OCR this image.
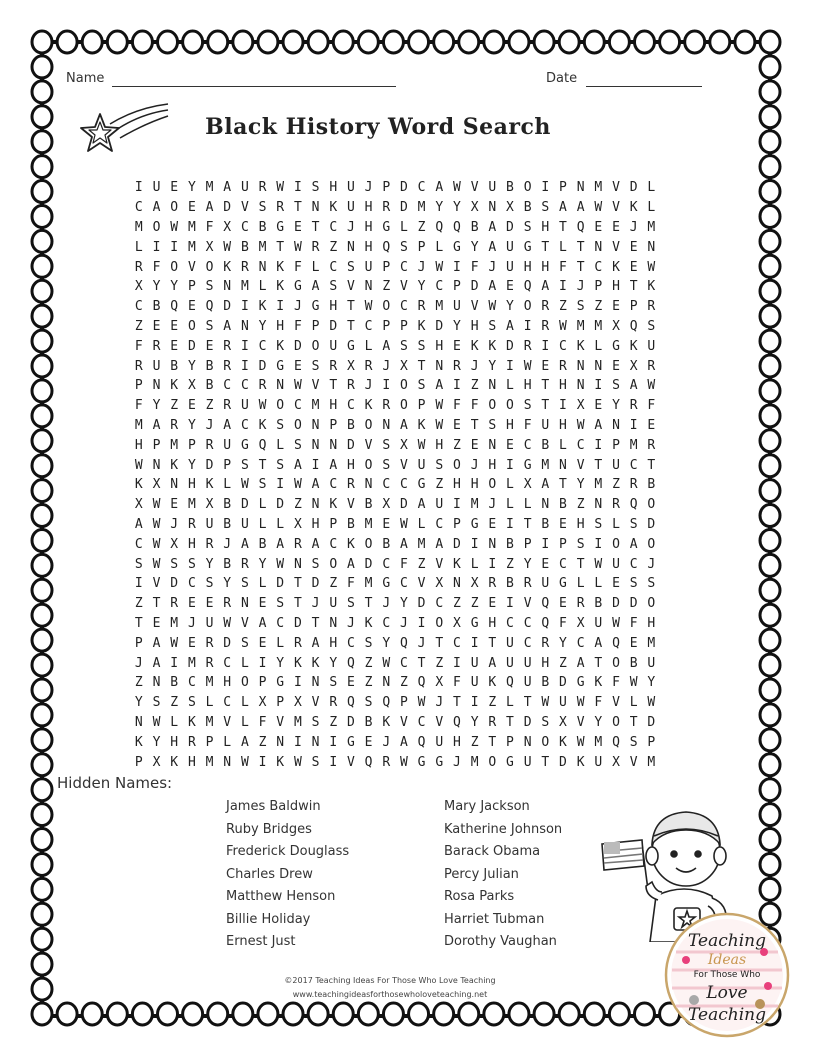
Name	Date
Black History Word Search
I U E Y M A U R W I S H U J P D C A W V U B O I P N M V D L
C A O E A D V S R T N K U H R D M Y Y X N X B S A A W V K L
M O W M F X C B G E T C J H G L Z Q Q B A D S H T Q E E J M
L I I M X W B M T W R Z N H Q S P L G Y A U G T L T N V E N
R F O V O K R N K F L C S U P C J W I F J U H H F T C K E W
X Y Y P S N M L K G A S V N Z V Y C P D A E Q A I J P H T K
C B Q E Q D I K I J G H T W O C R M U V W Y O R Z S Z E P R
Z E E O S A N Y H F P D T C P P K D Y H S A I R W M M X Q S
F R E D E R I C K D O U G L A S S H E K K D R I C K L G K U
R U B Y B R I D G E S R X R J X T N R J Y I W E R N N E X R
P N K X B C C R N W V T R J I O S A I Z N L H T H N I S A W
F Y Z E Z R U W O C M H C K R O P W F F O O S T I X E Y R F
M A R Y J A C K S O N P B O N A K W E T S H F U H W A N I E
H P M P R U G Q L S N N D V S X W H Z E N E C B L C I P M R
W N K Y D P S T S A I A H O S V U S O J H I G M N V T U C T
K X N H K L W S I W A C R N C C G Z H H O L X A T Y M Z R B
X W E M X B D L D Z N K V B X D A U I M J L L N B Z N R Q O
A W J R U B U L L X H P B M E W L C P G E I T B E H S L S D
C W X H R J A B A R A C K O B A M A D I N B P I P S I O A O
S W S S Y B R Y W N S O A D C F Z V K L I Z Y E C T W U C J
I V D C S Y S L D T D Z F M G C V X N X R B R U G L L E S S
Z T R E E R N E S T J U S T J Y D C Z Z E I V Q E R B D D O
T E M J U W V A C D T N J K C J I O X G H C C Q F X U W F H
P A W E R D S E L R A H C S Y Q J T C I T U C R Y C A Q E M
J A I M R C L I Y K K Y Q Z W C T Z I U A U U H Z A T O B U
Z N B C M H O P G I N S E Z N Z Q X F U K Q U B D G K F W Y
Y S Z S L C L X P X V R Q S Q P W J T I Z L T W U W F V L W
N W L K M V L F V M S Z D B K V C V Q Y R T D S X V Y O T D
K Y H R P L A Z N I N I G E J A Q U H Z T P N O K W M Q S P
P X K H M N W I K W S I V Q R W G G J M O G U T D K U X V M
Hidden Names:
James Baldwin
Ruby Bridges
Frederick Douglass
Charles Drew
Matthew Henson
Billie Holiday
Ernest Just
Mary Jackson
Katherine Johnson
Barack Obama
Percy Julian
Rosa Parks
Harriet Tubman
Dorothy Vaughan
©2017 Teaching Ideas For Those Who Love Teaching
www.teachingideasforthosewholoveteaching.net
Teaching
Ideas
For Those Who
Love
Teaching
